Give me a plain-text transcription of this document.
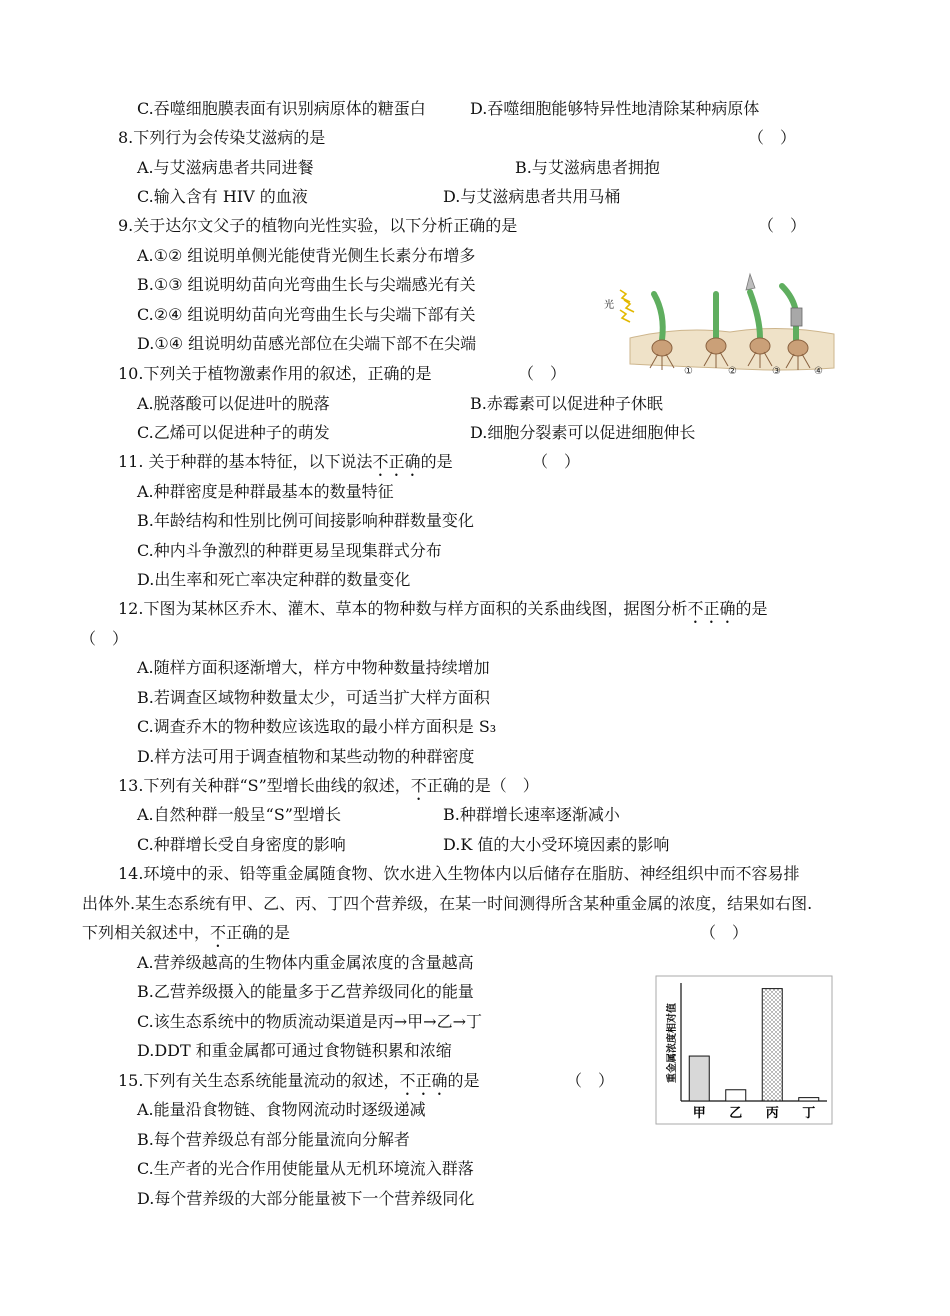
C.吞噬细胞膜表面有识别病原体的糖蛋白	D.吞噬细胞能够特异性地清除某种病原体
8.下列行为会传染艾滋病的是	（　）
A.与艾滋病患者共同进餐	B.与艾滋病患者拥抱
C.输入含有 HIV 的血液	D.与艾滋病患者共用马桶
9.关于达尔文父子的植物向光性实验，以下分析正确的是	（　）
A.①② 组说明单侧光能使背光侧生长素分布增多
B.①③ 组说明幼苗向光弯曲生长与尖端感光有关
C.②④ 组说明幼苗向光弯曲生长与尖端下部有关
D.①④ 组说明幼苗感光部位在尖端下部不在尖端
光
①	②	③	④
10.下列关于植物激素作用的叙述，正确的是	（　）
A.脱落酸可以促进叶的脱落	B.赤霉素可以促进种子休眠
C.乙烯可以促进种子的萌发	D.细胞分裂素可以促进细胞伸长
11. 关于种群的基本特征，以下说法不正确的是	（　）
A.种群密度是种群最基本的数量特征
B.年龄结构和性别比例可间接影响种群数量变化
C.种内斗争激烈的种群更易呈现集群式分布
D.出生率和死亡率决定种群的数量变化
12.下图为某林区乔木、灌木、草本的物种数与样方面积的关系曲线图，据图分析不正确的是
（　）
A.随样方面积逐渐增大，样方中物种数量持续增加
B.若调查区域物种数量太少，可适当扩大样方面积
C.调查乔木的物种数应该选取的最小样方面积是 S₃
D.样方法可用于调查植物和某些动物的种群密度
13.下列有关种群“S”型增长曲线的叙述，不正确的是（　）
A.自然种群一般呈“S”型增长	B.种群增长速率逐渐减小
C.种群增长受自身密度的影响	D.K 值的大小受环境因素的影响
14.环境中的汞、铅等重金属随食物、饮水进入生物体内以后储存在脂肪、神经组织中而不容易排
出体外.某生态系统有甲、乙、丙、丁四个营养级，在某一时间测得所含某种重金属的浓度，结果如右图.
下列相关叙述中，不正确的是	（　）
A.营养级越高的生物体内重金属浓度的含量越高
B.乙营养级摄入的能量多于乙营养级同化的能量
C.该生态系统中的物质流动渠道是丙→甲→乙→丁
D.DDT 和重金属都可通过食物链积累和浓缩	重金属浓度相对值
甲 乙 丙 丁
15.下列有关生态系统能量流动的叙述，不正确的是	（　）
A.能量沿食物链、食物网流动时逐级递减
B.每个营养级总有部分能量流向分解者
C.生产者的光合作用使能量从无机环境流入群落
D.每个营养级的大部分能量被下一个营养级同化
